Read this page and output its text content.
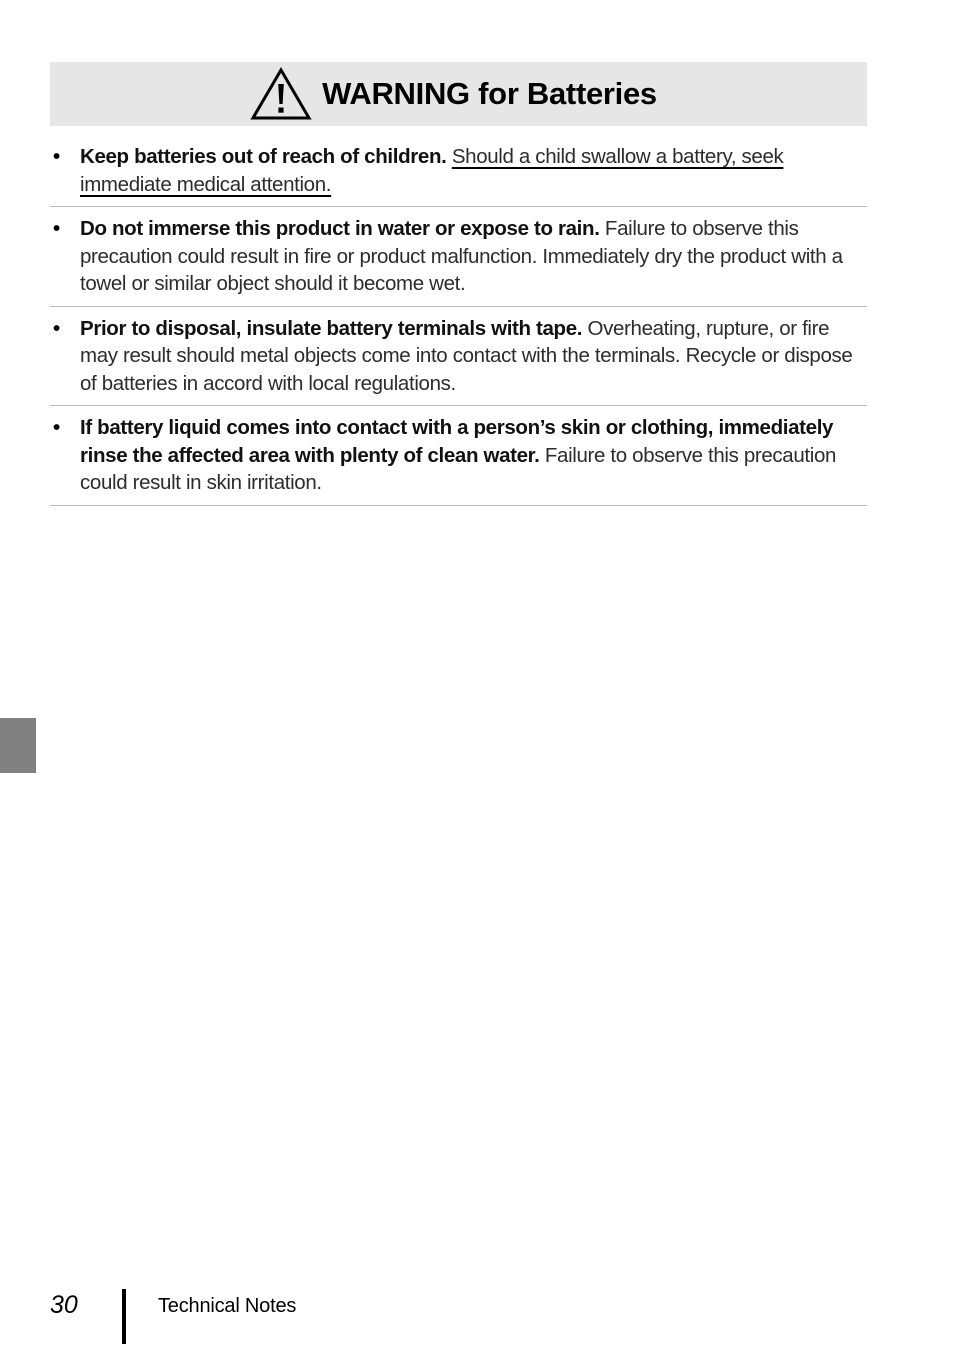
WARNING for Batteries
• Keep batteries out of reach of children. Should a child swallow a battery, seek immediate medical attention.
• Do not immerse this product in water or expose to rain. Failure to observe this precaution could result in fire or product malfunction. Immediately dry the product with a towel or similar object should it become wet.
• Prior to disposal, insulate battery terminals with tape. Overheating, rupture, or fire may result should metal objects come into contact with the terminals. Recycle or dispose of batteries in accord with local regulations.
• If battery liquid comes into contact with a person’s skin or clothing, immediately rinse the affected area with plenty of clean water. Failure to observe this precaution could result in skin irritation.
30	Technical Notes
